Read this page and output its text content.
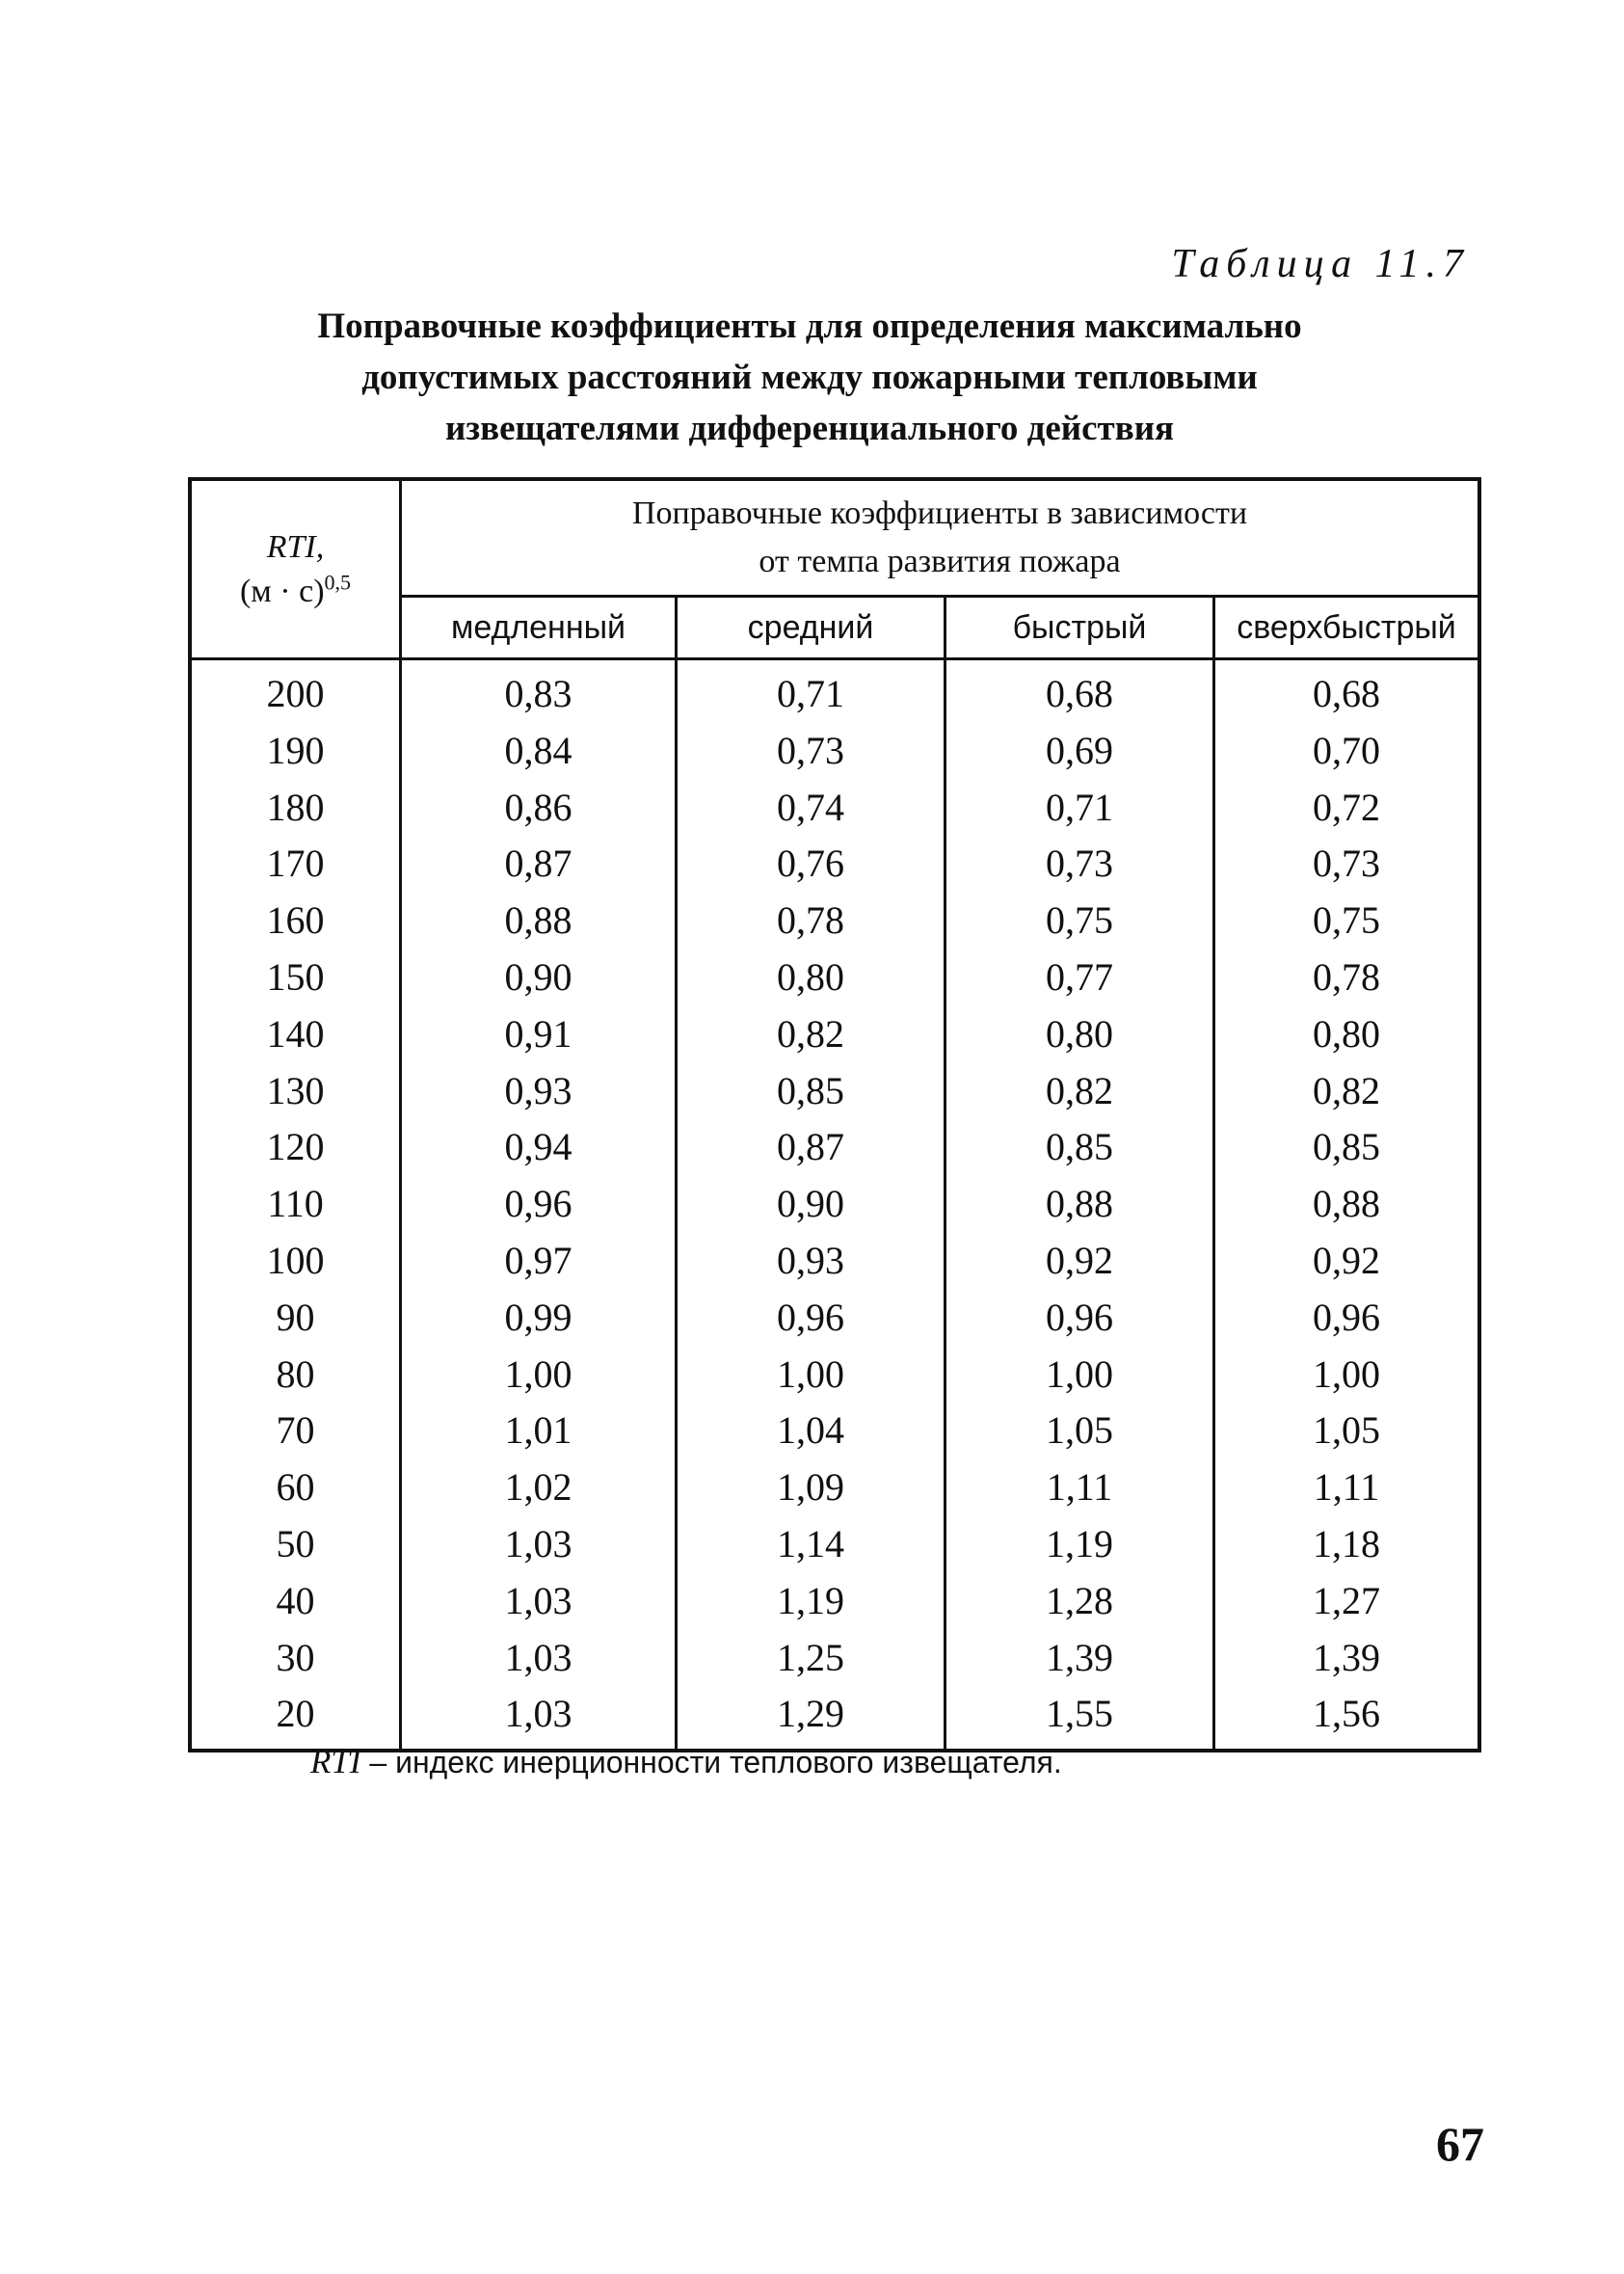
Таблица 11.7
Поправочные коэффициенты для определения максимально
допустимых расстояний между пожарными тепловыми
извещателями дифференциального действия
RTI,
$(м \cdot с)^{0,5}$	Поправочные коэффициенты в зависимости
от темпа развития пожара			
	медленный	средний	быстрый	сверхбыстрый
200	0,83	0,71	0,68	0,68
190	0,84	0,73	0,69	0,70
180	0,86	0,74	0,71	0,72
170	0,87	0,76	0,73	0,73
160	0,88	0,78	0,75	0,75
150	0,90	0,80	0,77	0,78
140	0,91	0,82	0,80	0,80
130	0,93	0,85	0,82	0,82
120	0,94	0,87	0,85	0,85
110	0,96	0,90	0,88	0,88
100	0,97	0,93	0,92	0,92
90	0,99	0,96	0,96	0,96
80	1,00	1,00	1,00	1,00
70	1,01	1,04	1,05	1,05
60	1,02	1,09	1,11	1,11
50	1,03	1,14	1,19	1,18
40	1,03	1,19	1,28	1,27
30	1,03	1,25	1,39	1,39
20	1,03	1,29	1,55	1,56
RTI – индекс инерционности теплового извещателя.
67
